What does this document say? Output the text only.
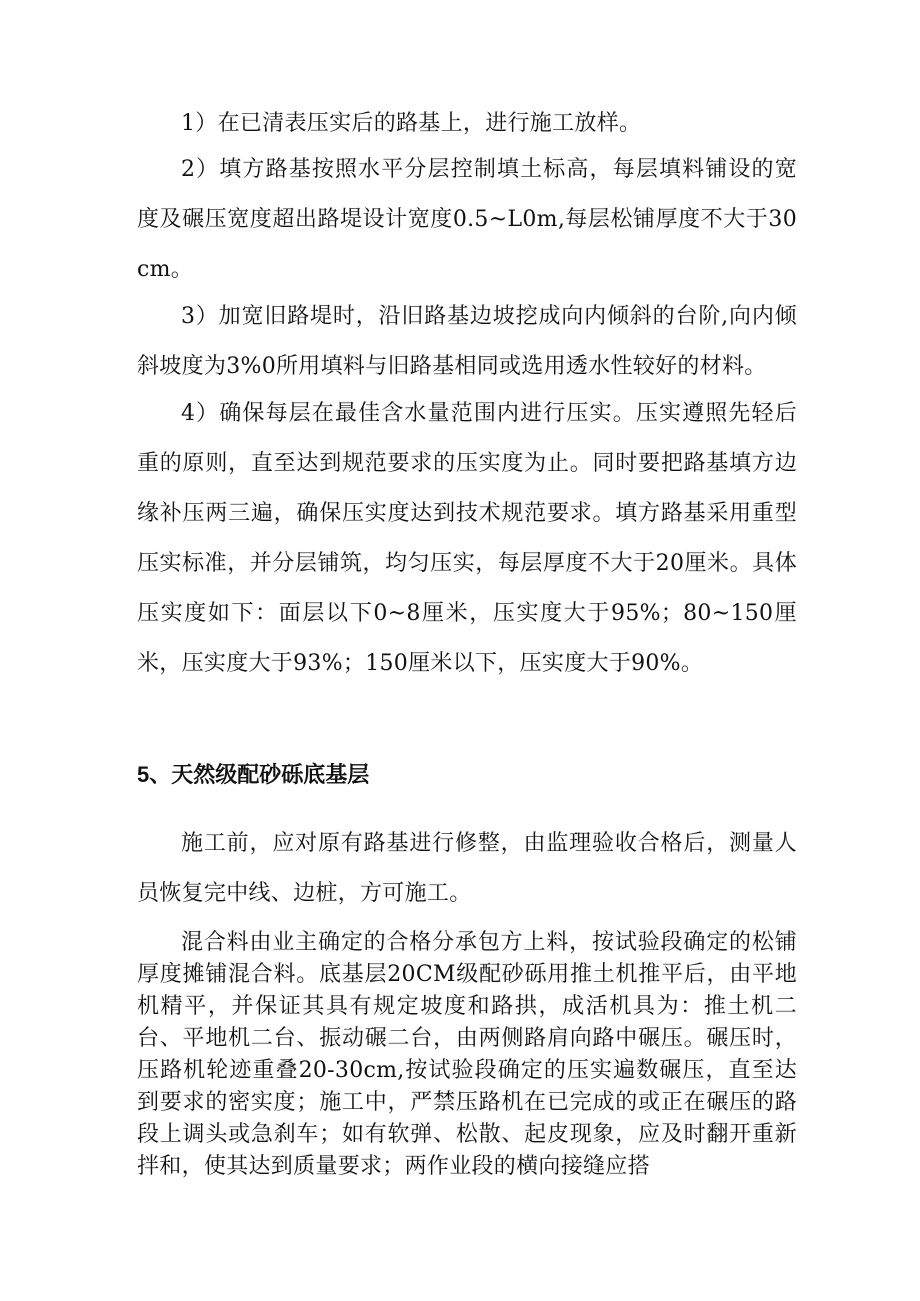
1）在已清表压实后的路基上，进行施工放样。

2）填方路基按照水平分层控制填土标高，每层填料铺设的宽度及碾压宽度超出路堤设计宽度0.5~L0m,每层松铺厚度不大于30cm。

3）加宽旧路堤时，沿旧路基边坡挖成向内倾斜的台阶,向内倾斜坡度为3%0所用填料与旧路基相同或选用透水性较好的材料。

4）确保每层在最佳含水量范围内进行压实。压实遵照先轻后重的原则，直至达到规范要求的压实度为止。同时要把路基填方边缘补压两三遍，确保压实度达到技术规范要求。填方路基采用重型压实标准，并分层铺筑，均匀压实，每层厚度不大于20厘米。具体压实度如下：面层以下0~8厘米，压实度大于95%；80~150厘米，压实度大于93%；150厘米以下，压实度大于90%。

5、天然级配砂砾底基层

施工前，应对原有路基进行修整，由监理验收合格后，测量人员恢复完中线、边桩，方可施工。

混合料由业主确定的合格分承包方上料，按试验段确定的松铺厚度摊铺混合料。底基层20CM级配砂砾用推土机推平后，由平地机精平，并保证其具有规定坡度和路拱，成活机具为：推土机二台、平地机二台、振动碾二台，由两侧路肩向路中碾压。碾压时，压路机轮迹重叠20-30cm,按试验段确定的压实遍数碾压，直至达到要求的密实度；施工中，严禁压路机在已完成的或正在碾压的路段上调头或急刹车；如有软弹、松散、起皮现象，应及时翻开重新拌和，使其达到质量要求；两作业段的横向接缝应搭
